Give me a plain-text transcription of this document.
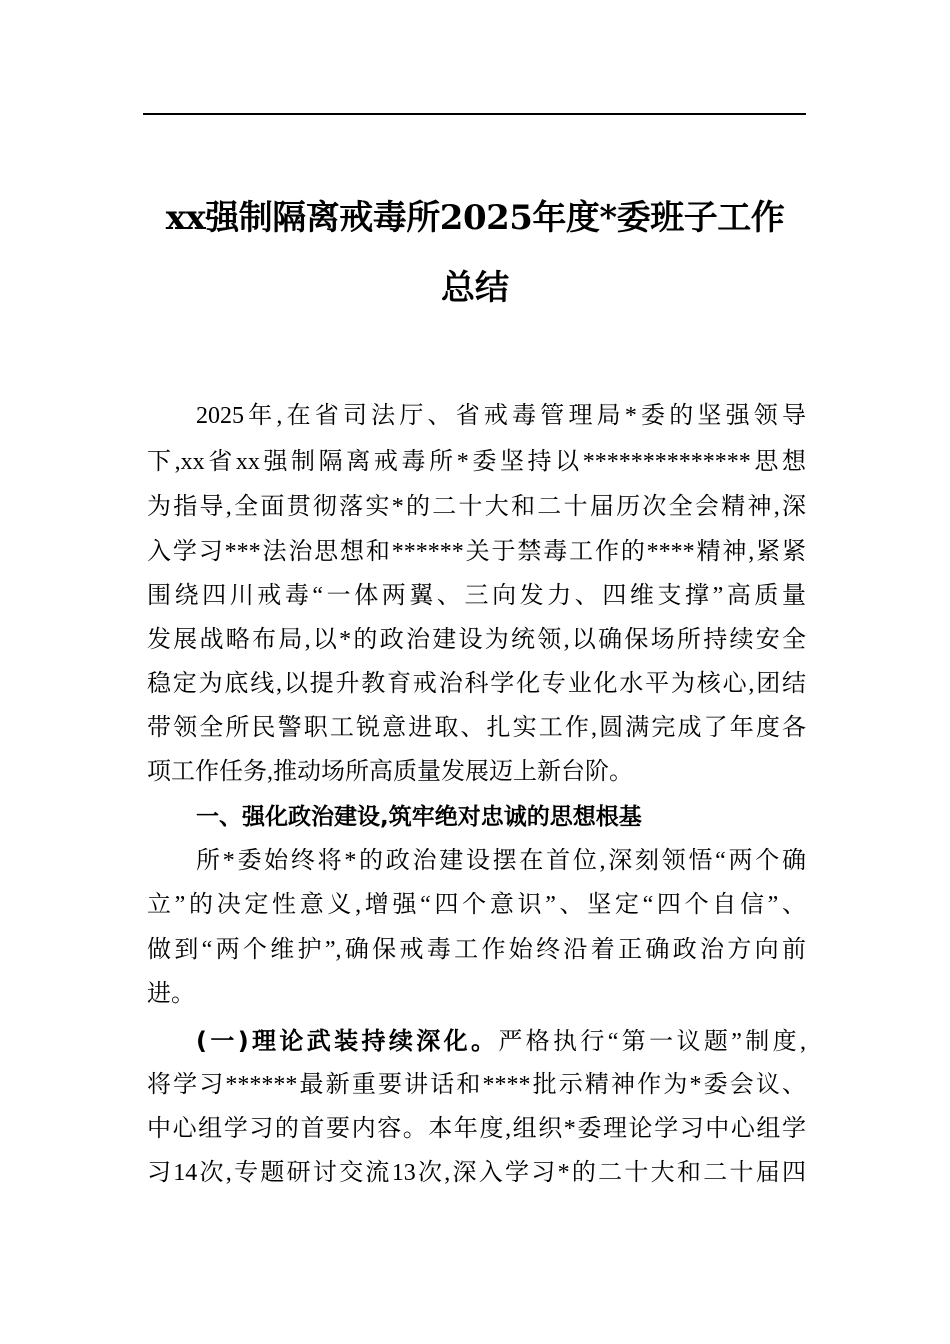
xx强制隔离戒毒所2025年度*委班子工作
总结
2025年,在省司法厅、省戒毒管理局*委的坚强领导
下,xx省xx强制隔离戒毒所*委坚持以**************思想
为指导,全面贯彻落实*的二十大和二十届历次全会精神,深
入学习***法治思想和******关于禁毒工作的****精神,紧紧
围绕四川戒毒“一体两翼、三向发力、四维支撑”高质量
发展战略布局,以*的政治建设为统领,以确保场所持续安全
稳定为底线,以提升教育戒治科学化专业化水平为核心,团结
带领全所民警职工锐意进取、扎实工作,圆满完成了年度各
项工作任务,推动场所高质量发展迈上新台阶。
一、强化政治建设,筑牢绝对忠诚的思想根基
所*委始终将*的政治建设摆在首位,深刻领悟“两个确
立”的决定性意义,增强“四个意识”、坚定“四个自信”、
做到“两个维护”,确保戒毒工作始终沿着正确政治方向前
进。
(一)理论武装持续深化。严格执行“第一议题”制度,
将学习******最新重要讲话和****批示精神作为*委会议、
中心组学习的首要内容。本年度,组织*委理论学习中心组学
习14次,专题研讨交流13次,深入学习*的二十大和二十届四
